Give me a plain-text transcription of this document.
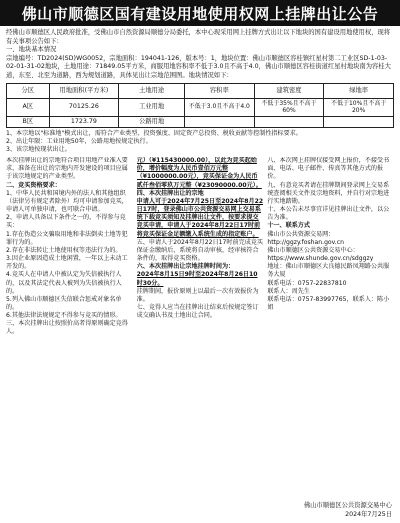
佛山市顺德区国有建设用地使用权网上挂牌出让公告

经佛山市顺德区人民政府批准，受佛山市自然资源局顺德分局委托，本中心现采用网上挂牌方式出让以下地块的国有建设用地使用权，现将有关事项公告如下：

一、地块基本情况

宗地编号：TD2024(SD)WG0052，宗地面积：194041-126，版本号：1，地块位置：佛山市顺德区容桂镇红星村第二工业区SD-1-03-02-01-31-02地块，土地用途：71849.05平方米，商服用地容积率不低于3.0且不高于4.0，佛山市顺德区容桂街道红星村地块南为容桂大道，东至、北至为道路，西为规划道路，具体见出让宗地范围图。地块情况如下：

分区	用地面积(平方米)	土地用途	容积率	建筑密度	绿地率
A区	70125.26	工业用地	不低于3.0且不高于4.0	不低于35%且不高于60%	不低于10%且不高于20%
B区	1723.79	公路用地			

1、本宗地以"标准地"模式出让，需符合产业类型、投资强度、固定资产总投资、税收贡献等控制性指标要求。

2、出让年限：工业用地50年，公路用地按规定执行。

3、该宗地按现状出让。

本次挂牌出让的宗地符合项目用地产业准入要求，准备在出让的宗地内开发建设的项目应属于该宗地规定的产业类型。

二、竞买资格要求：

1、中华人民共和国境内外的法人和其他组织（法律另有规定者除外）均可申请参加竞买，申请人可单独申请，也可联合申请。

2、申请人具备以下条件之一的，不得参与竞买：

1.存在伪造公文骗取用地和非法倒卖土地等犯罪行为的。

2.存在非法转让土地使用权等违法行为的。

3.因企业原因造成土地闲置，一年以上未动工开发的。

4.竞买人在申请人中被认定为失信被执行人的，以及其法定代表人被列为失信被执行人的。

5.列入佛山市顺德区失信联合惩戒对象名单的。

6.其他法律法规规定不得参与竞买的情形。

三、本次挂牌出让按照价高者得原则确定竞得人。

元）（¥115430000.00），以此为竞买起始价，增价幅度为人民币壹佰万元整（¥1000000.00元），竞买保证金为人民币贰仟叁佰零玖万元整（¥23090000.00元）。

四、本次挂牌出让的宗地

申请人可于2024年7月25日至2024年8月22日17时，登录佛山市公共资源交易网上交易系统下载竞买须知及挂牌出让文件，按要求提交竞买申请，申请人于2024年8月22日17时前将竞买保证金足额缴入系统生成的指定账户。

五、申请人于2024年8月22日17时前完成竞买保证金缴纳后，系统将自动审核，经审核符合条件的，取得竞买资格。

六、本次挂牌出让宗地挂牌时间为：

2024年8月15日9时至2024年8月26日10时30分。

挂牌期间，报价原则上以最后一次有效报价为准。

七、竞得人应当在挂牌出让结束后按规定签订成交确认书及土地出让合同。

八、本次网上挂牌仅接受网上报价，不接受书面、电话、电子邮件、传真等其他方式的报价。

九、有意竞买者请在挂牌期间登录网上交易系统查阅相关文件及宗地资料，并自行对宗地进行实地踏勘。

十、本公告未尽事宜详见挂牌出让文件，以公告为准。

十一、联系方式

佛山市公共资源交易网：http://ggzy.foshan.gov.cn

佛山市顺德区公共资源交易中心：https://www.shunde.gov.cn/sdggzy

地址：佛山市顺德区大良德民路凤翔路公共服务大厦

联系电话：0757-22837810

联系人：周先生

联系电话：0757-83997765，联系人：陈小姐

佛山市顺德区公共资源交易中心
2024年7月25日
